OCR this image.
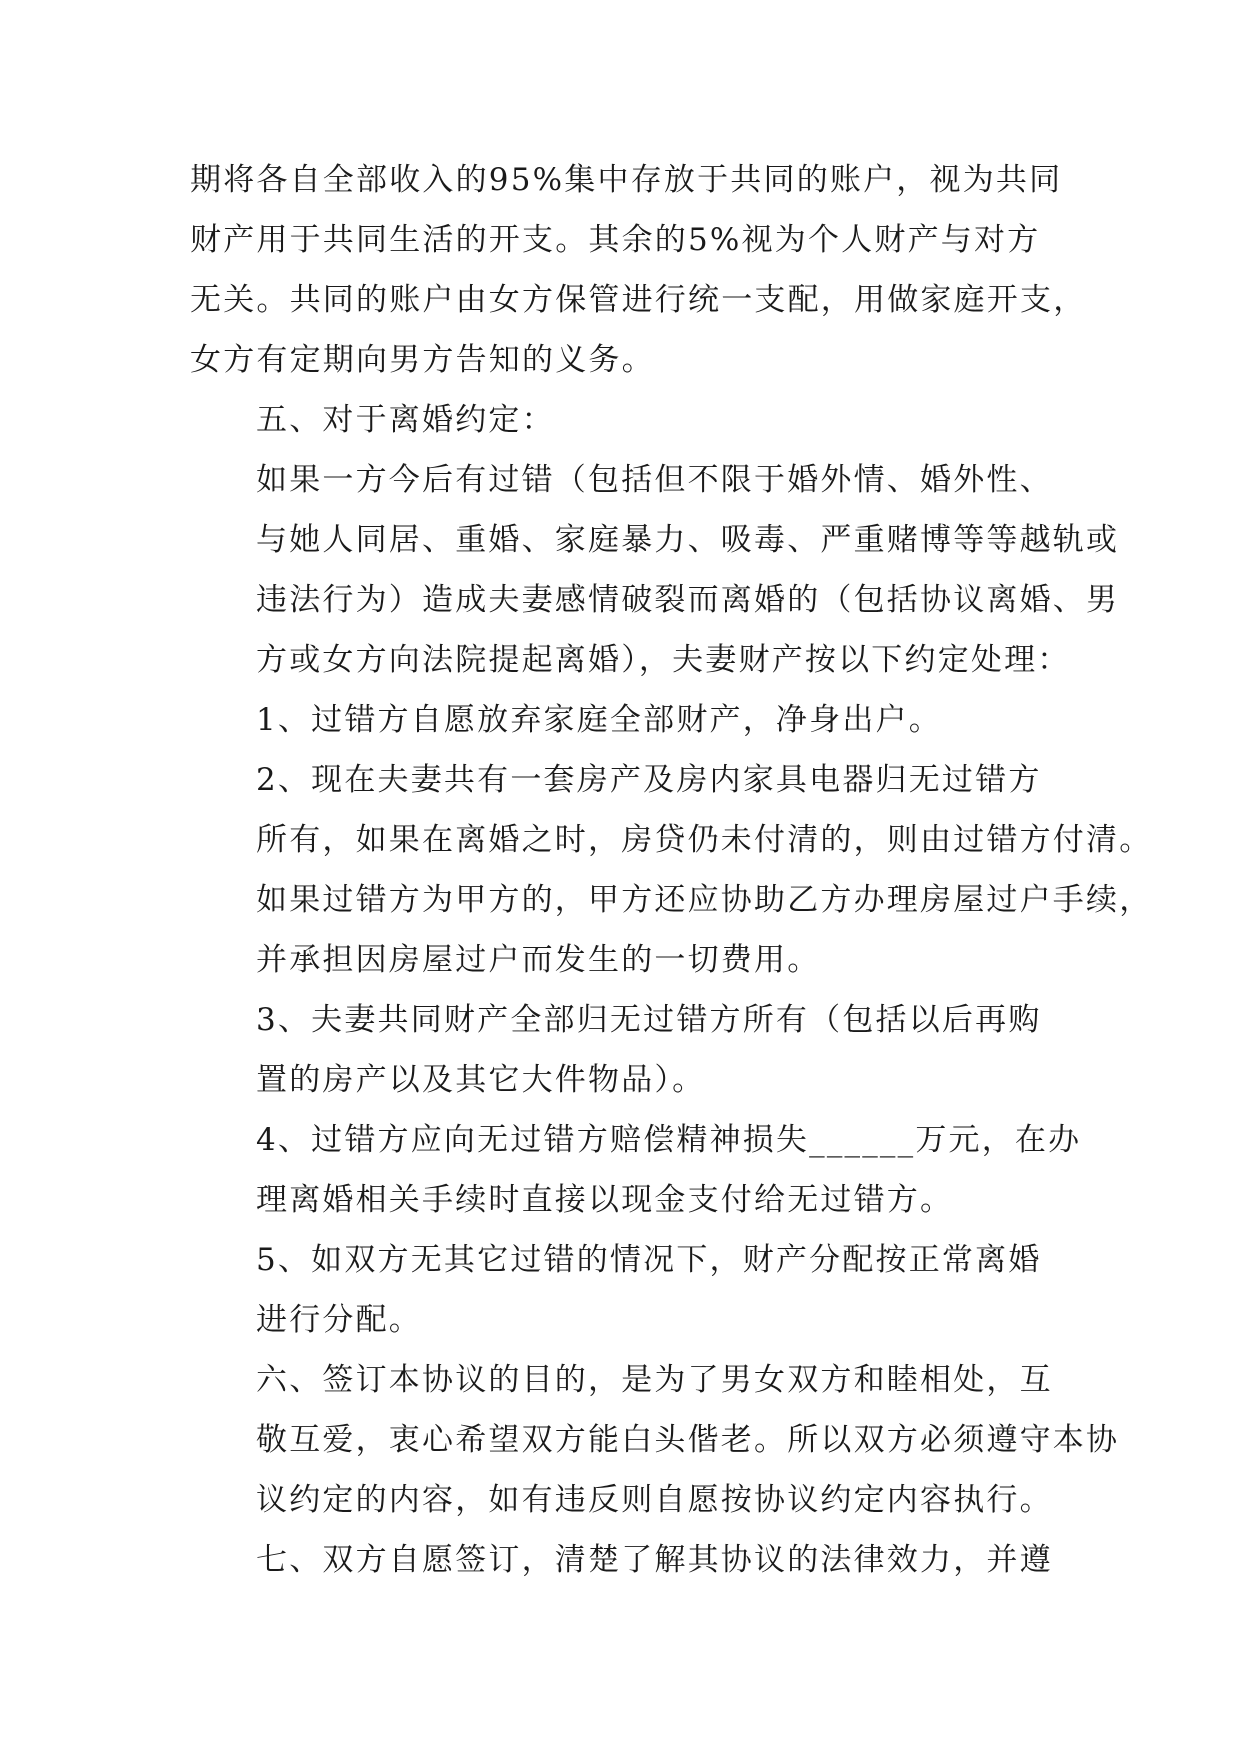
期将各自全部收入的95%集中存放于共同的账户，视为共同
财产用于共同生活的开支。其余的5%视为个人财产与对方
无关。共同的账户由女方保管进行统一支配，用做家庭开支，
女方有定期向男方告知的义务。

五、对于离婚约定：

如果一方今后有过错（包括但不限于婚外情、婚外性、
与她人同居、重婚、家庭暴力、吸毒、严重赌博等等越轨或
违法行为）造成夫妻感情破裂而离婚的（包括协议离婚、男
方或女方向法院提起离婚），夫妻财产按以下约定处理：

1、过错方自愿放弃家庭全部财产，净身出户。

2、现在夫妻共有一套房产及房内家具电器归无过错方
所有，如果在离婚之时，房贷仍未付清的，则由过错方付清。
如果过错方为甲方的，甲方还应协助乙方办理房屋过户手续，
并承担因房屋过户而发生的一切费用。

3、夫妻共同财产全部归无过错方所有（包括以后再购
置的房产以及其它大件物品）。

4、过错方应向无过错方赔偿精神损失______万元，在办
理离婚相关手续时直接以现金支付给无过错方。

5、如双方无其它过错的情况下，财产分配按正常离婚
进行分配。

六、签订本协议的目的，是为了男女双方和睦相处，互
敬互爱，衷心希望双方能白头偕老。所以双方必须遵守本协
议约定的内容，如有违反则自愿按协议约定内容执行。

七、双方自愿签订，清楚了解其协议的法律效力，并遵
